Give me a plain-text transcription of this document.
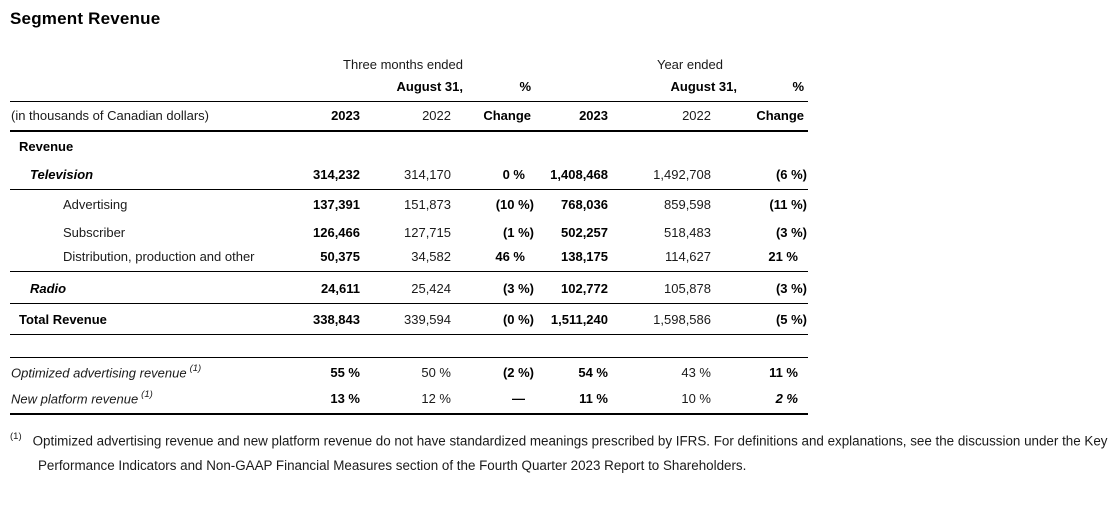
Segment Revenue
	Three months ended			Year ended		
	August 31,		%	August 31,		%
(in thousands of Canadian dollars)	2023	2022	Change	2023	2022	Change
Revenue						
Television	314,232	314,170	0 %	1,408,468	1,492,708	(6 %)
Advertising	137,391	151,873	(10 %)	768,036	859,598	(11 %)
Subscriber	126,466	127,715	(1 %)	502,257	518,483	(3 %)
Distribution, production and other	50,375	34,582	46 %	138,175	114,627	21 %
Radio	24,611	25,424	(3 %)	102,772	105,878	(3 %)
Total Revenue	338,843	339,594	(0 %)	1,511,240	1,598,586	(5 %)

Optimized advertising revenue $^{(1)}$	55 %	50 %	(2 %)	54 %	43 %	11 %
New platform revenue $^{(1)}$	13 %	12 %	—	11 %	10 %	2 %
$^{(1)}$ Optimized advertising revenue and new platform revenue do not have standardized meanings prescribed by IFRS. For definitions and explanations, see the discussion under the Key Performance Indicators and Non-GAAP Financial Measures section of the Fourth Quarter 2023 Report to Shareholders.
